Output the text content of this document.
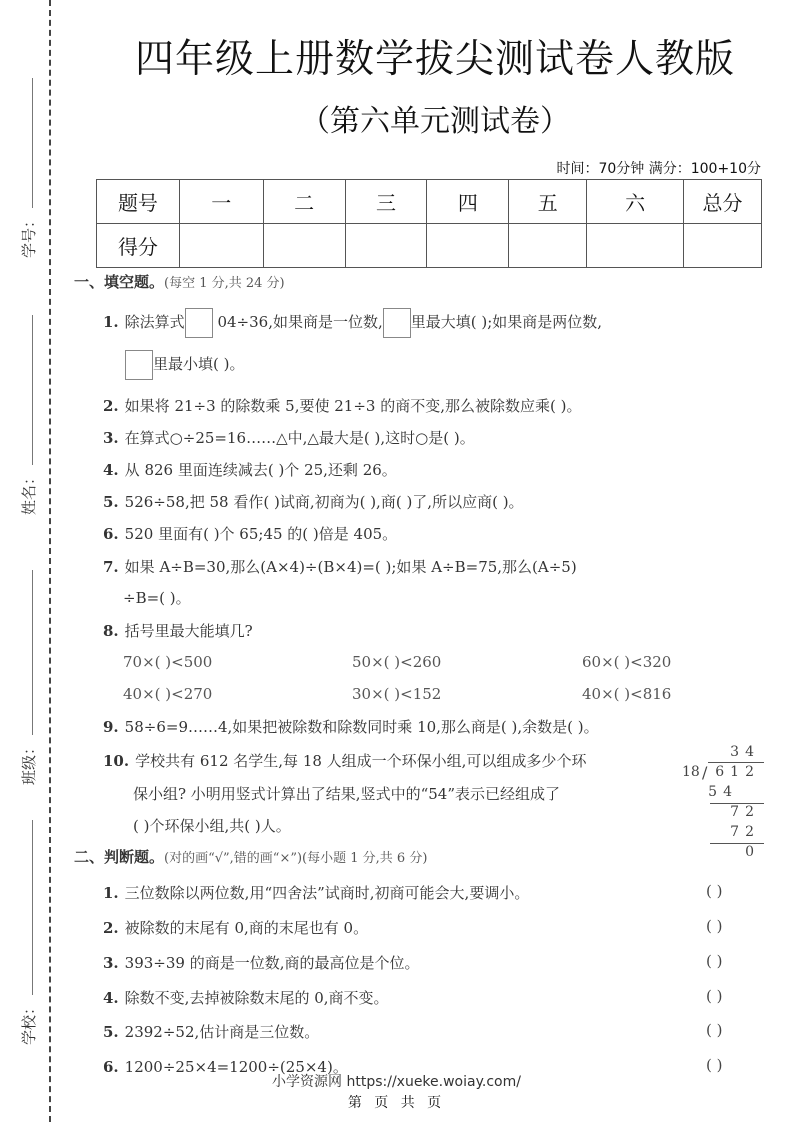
学号：
姓名：
班级：
学校：
四年级上册数学拔尖测试卷人教版
（第六单元测试卷）
时间：70分钟 满分：100+10分
题号	一	二	三	四	五	六	总分
得分							
一、填空题。(每空 1 分,共 24 分)
1. 除法算式 04÷36,如果商是一位数, 里最大填( );如果商是两位数,
里最小填( )。
2. 如果将 21÷3 的除数乘 5,要使 21÷3 的商不变,那么被除数应乘( )。
3. 在算式○÷25=16……△中,△最大是( ),这时○是( )。
4. 从 826 里面连续减去( )个 25,还剩 26。
5. 526÷58,把 58 看作( )试商,初商为( ),商( )了,所以应商( )。
6. 520 里面有( )个 65;45 的( )倍是 405。
7. 如果 A÷B=30,那么(A×4)÷(B×4)=( );如果 A÷B=75,那么(A÷5)
÷B=( )。
8. 括号里最大能填几?
70×( )<500	50×( )<260	60×( )<320
40×( )<270	30×( )<152	40×( )<816
9. 58÷6=9……4,如果把被除数和除数同时乘 10,那么商是( ),余数是( )。
10. 学校共有 612 名学生,每 18 人组成一个环保小组,可以组成多少个环
保小组? 小明用竖式计算出了结果,竖式中的“54”表示已经组成了
( )个环保小组,共( )人。
34
18 / 612
54
72
72
0
二、判断题。(对的画“√”,错的画“×”)(每小题 1 分,共 6 分)
1. 三位数除以两位数,用“四舍法”试商时,初商可能会大,要调小。	( )
2. 被除数的末尾有 0,商的末尾也有 0。	( )
3. 393÷39 的商是一位数,商的最高位是个位。	( )
4. 除数不变,去掉被除数末尾的 0,商不变。	( )
5. 2392÷52,估计商是三位数。	( )
6. 1200÷25×4=1200÷(25×4)。	( )
小学资源网 https://xueke.woiay.com/
第 页 共 页
